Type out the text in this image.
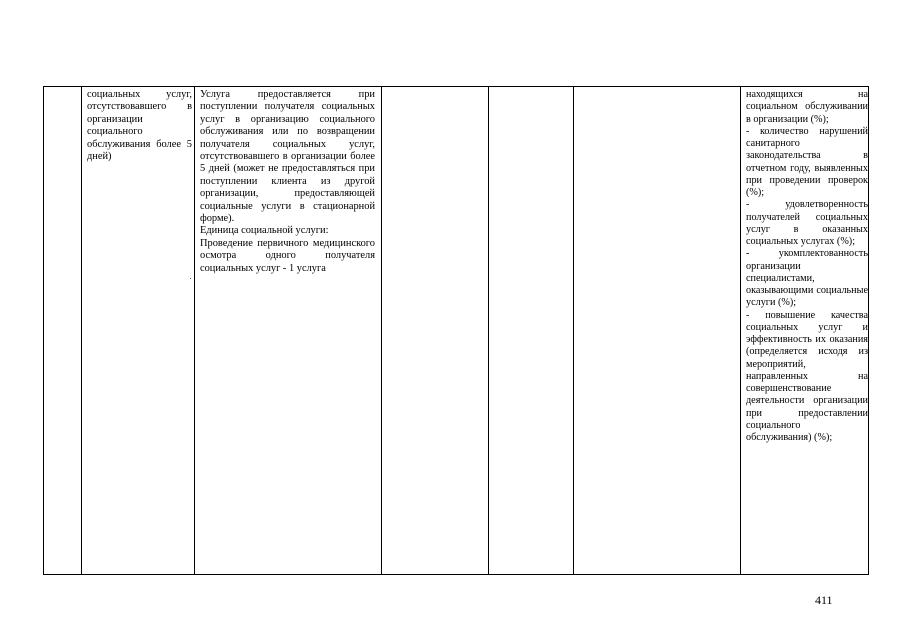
социальных услуг, отсутствовавшего в организации социального обслуживания более 5 дней)
Услуга предоставляется при поступлении получателя социальных услуг в организацию социального обслуживания или по возвращении получателя социальных услуг, отсутствовавшего в организации более 5 дней (может не предоставляться при поступлении клиента из другой организации, предоставляющей социальные услуги в стационарной форме).
Единица социальной услуги:
Проведение первичного медицинского осмотра одного получателя социальных услуг - 1 услуга
находящихся на социальном обслуживании в организации (%);
- количество нарушений санитарного законодательства в отчетном году, выявленных при проведении проверок (%);
- удовлетворенность получателей социальных услуг в оказанных социальных услугах (%);
- укомплектованность организации специалистами, оказывающими социальные услуги (%);
- повышение качества социальных услуг и эффективность их оказания (определяется исходя из мероприятий, направленных на совершенствование деятельности организации при предоставлении социального обслуживания) (%);
411
